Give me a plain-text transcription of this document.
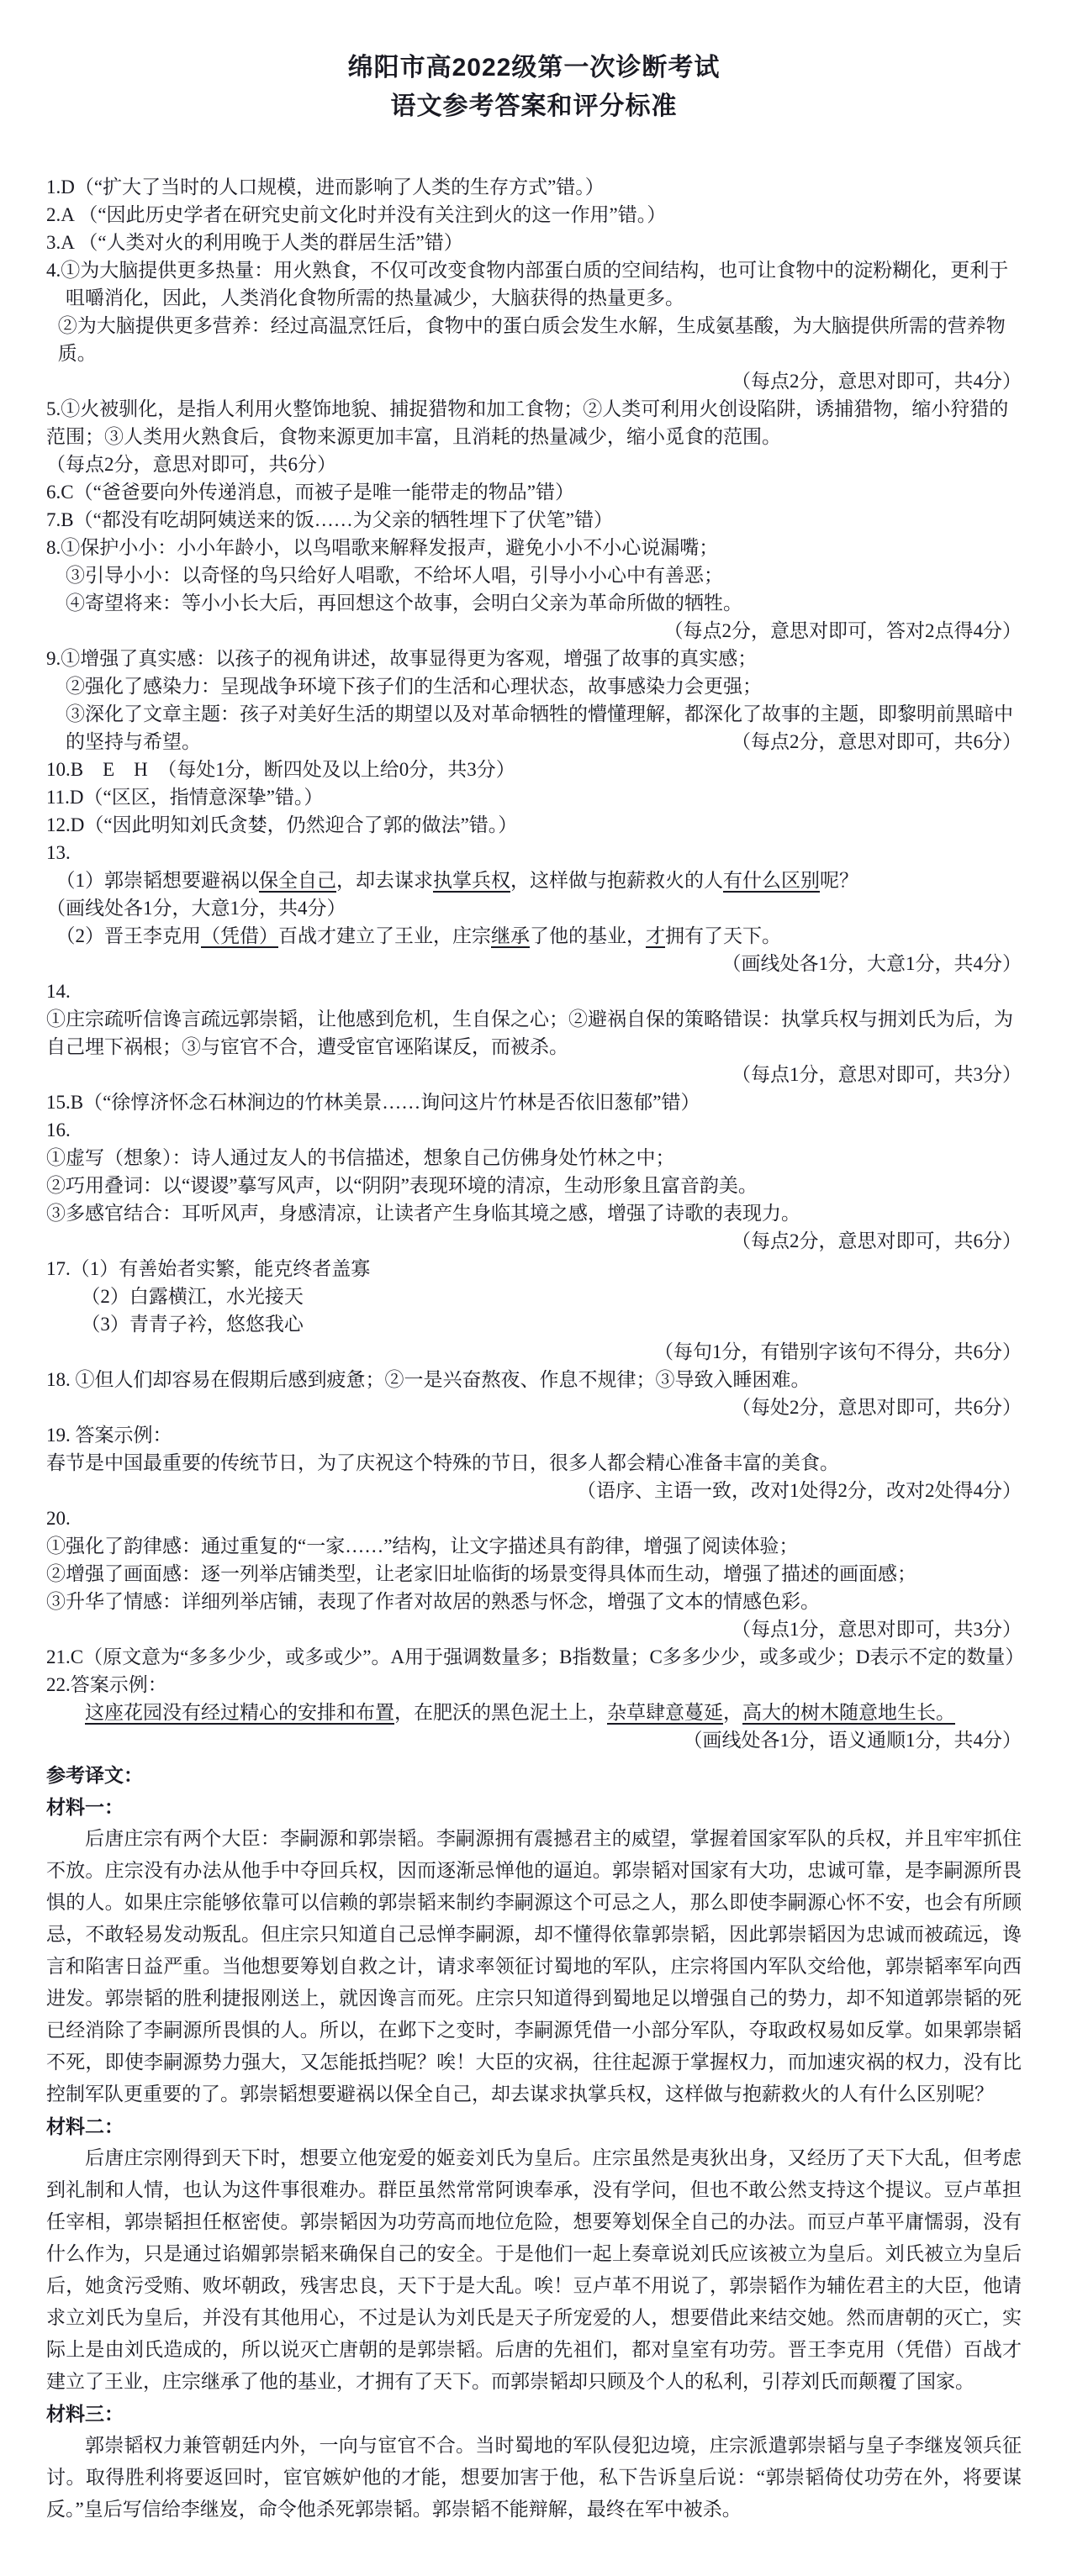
绵阳市高2022级第一次诊断考试
语文参考答案和评分标准

1.D（“扩大了当时的人口规模，进而影响了人类的生存方式”错。）

2.A （“因此历史学者在研究史前文化时并没有关注到火的这一作用”错。）

3.A （“人类对火的利用晚于人类的群居生活”错）

4.①为大脑提供更多热量：用火熟食，不仅可改变食物内部蛋白质的空间结构，也可让食物中的淀粉糊化，更利于咀嚼消化，因此，人类消化食物所需的热量减少，大脑获得的热量更多。

②为大脑提供更多营养：经过高温烹饪后，食物中的蛋白质会发生水解，生成氨基酸，为大脑提供所需的营养物质。

（每点2分，意思对即可，共4分）

5.①火被驯化，是指人利用火整饰地貌、捕捉猎物和加工食物；②人类可利用火创设陷阱，诱捕猎物，缩小狩猎的范围；③人类用火熟食后，食物来源更加丰富，且消耗的热量减少，缩小觅食的范围。

（每点2分，意思对即可，共6分）

6.C（“爸爸要向外传递消息，而被子是唯一能带走的物品”错）

7.B（“都没有吃胡阿姨送来的饭……为父亲的牺牲埋下了伏笔”错）

8.①保护小小：小小年龄小，以鸟唱歌来解释发报声，避免小小不小心说漏嘴；

③引导小小：以奇怪的鸟只给好人唱歌，不给坏人唱，引导小小心中有善恶；

④寄望将来：等小小长大后，再回想这个故事，会明白父亲为革命所做的牺牲。

（每点2分，意思对即可，答对2点得4分）

9.①增强了真实感：以孩子的视角讲述，故事显得更为客观，增强了故事的真实感；

②强化了感染力：呈现战争环境下孩子们的生活和心理状态，故事感染力会更强；

③深化了文章主题：孩子对美好生活的期望以及对革命牺牲的懵懂理解，都深化了故事的主题，即黎明前黑暗中的坚持与希望。	（每点2分，意思对即可，共6分）

10.B　E　H　（每处1分，断四处及以上给0分，共3分）

11.D（“区区，指情意深挚”错。）

12.D（“因此明知刘氏贪婪，仍然迎合了郭的做法”错。）

13.

（1）郭崇韬想要避祸以保全自己，却去谋求执掌兵权，这样做与抱薪救火的人有什么区别呢？

（画线处各1分，大意1分，共4分）

（2）晋王李克用（凭借）百战才建立了王业，庄宗继承了他的基业，才拥有了天下。

（画线处各1分，大意1分，共4分）

14.

①庄宗疏听信谗言疏远郭崇韬，让他感到危机，生自保之心；②避祸自保的策略错误：执掌兵权与拥刘氏为后，为自己埋下祸根；③与宦官不合，遭受宦官诬陷谋反，而被杀。

（每点1分，意思对即可，共3分）

15.B（“徐惇济怀念石林涧边的竹林美景……询问这片竹林是否依旧葱郁”错）

16.

①虚写（想象）：诗人通过友人的书信描述，想象自己仿佛身处竹林之中；

②巧用叠词：以“谡谡”摹写风声，以“阴阴”表现环境的清凉，生动形象且富音韵美。

③多感官结合：耳听风声，身感清凉，让读者产生身临其境之感，增强了诗歌的表现力。

（每点2分，意思对即可，共6分）

17.（1）有善始者实繁，能克终者盖寡

（2）白露横江，水光接天

（3）青青子衿，悠悠我心

（每句1分，有错别字该句不得分，共6分）

18. ①但人们却容易在假期后感到疲惫；②一是兴奋熬夜、作息不规律；③导致入睡困难。

（每处2分，意思对即可，共6分）

19. 答案示例：

春节是中国最重要的传统节日，为了庆祝这个特殊的节日，很多人都会精心准备丰富的美食。

（语序、主语一致，改对1处得2分，改对2处得4分）

20.

①强化了韵律感：通过重复的“一家……”结构，让文字描述具有韵律，增强了阅读体验；

②增强了画面感：逐一列举店铺类型，让老家旧址临街的场景变得具体而生动，增强了描述的画面感；

③升华了情感：详细列举店铺，表现了作者对故居的熟悉与怀念，增强了文本的情感色彩。

（每点1分，意思对即可，共3分）

21.C（原文意为“多多少少，或多或少”。A用于强调数量多；B指数量；C多多少少，或多或少；D表示不定的数量）

22.答案示例：

这座花园没有经过精心的安排和布置，在肥沃的黑色泥土上，杂草肆意蔓延，高大的树木随意地生长。

（画线处各1分，语义通顺1分，共4分）

参考译文：

材料一：

后唐庄宗有两个大臣：李嗣源和郭崇韬。李嗣源拥有震撼君主的威望，掌握着国家军队的兵权，并且牢牢抓住不放。庄宗没有办法从他手中夺回兵权，因而逐渐忌惮他的逼迫。郭崇韬对国家有大功，忠诚可靠，是李嗣源所畏惧的人。如果庄宗能够依靠可以信赖的郭崇韬来制约李嗣源这个可忌之人，那么即使李嗣源心怀不安，也会有所顾忌，不敢轻易发动叛乱。但庄宗只知道自己忌惮李嗣源，却不懂得依靠郭崇韬，因此郭崇韬因为忠诚而被疏远，谗言和陷害日益严重。当他想要筹划自救之计，请求率领征讨蜀地的军队，庄宗将国内军队交给他，郭崇韬率军向西进发。郭崇韬的胜利捷报刚送上，就因谗言而死。庄宗只知道得到蜀地足以增强自己的势力，却不知道郭崇韬的死已经消除了李嗣源所畏惧的人。所以，在邺下之变时，李嗣源凭借一小部分军队，夺取政权易如反掌。如果郭崇韬不死，即使李嗣源势力强大，又怎能抵挡呢？唉！大臣的灾祸，往往起源于掌握权力，而加速灾祸的权力，没有比控制军队更重要的了。郭崇韬想要避祸以保全自己，却去谋求执掌兵权，这样做与抱薪救火的人有什么区别呢？

材料二：

后唐庄宗刚得到天下时，想要立他宠爱的姬妾刘氏为皇后。庄宗虽然是夷狄出身，又经历了天下大乱，但考虑到礼制和人情，也认为这件事很难办。群臣虽然常常阿谀奉承，没有学问，但也不敢公然支持这个提议。豆卢革担任宰相，郭崇韬担任枢密使。郭崇韬因为功劳高而地位危险，想要筹划保全自己的办法。而豆卢革平庸懦弱，没有什么作为，只是通过谄媚郭崇韬来确保自己的安全。于是他们一起上奏章说刘氏应该被立为皇后。刘氏被立为皇后后，她贪污受贿、败坏朝政，残害忠良，天下于是大乱。唉！豆卢革不用说了，郭崇韬作为辅佐君主的大臣，他请求立刘氏为皇后，并没有其他用心，不过是认为刘氏是天子所宠爱的人，想要借此来结交她。然而唐朝的灭亡，实际上是由刘氏造成的，所以说灭亡唐朝的是郭崇韬。后唐的先祖们，都对皇室有功劳。晋王李克用（凭借）百战才建立了王业，庄宗继承了他的基业，才拥有了天下。而郭崇韬却只顾及个人的私利，引荐刘氏而颠覆了国家。

材料三：

郭崇韬权力兼管朝廷内外，一向与宦官不合。当时蜀地的军队侵犯边境，庄宗派遣郭崇韬与皇子李继岌领兵征讨。取得胜利将要返回时，宦官嫉妒他的才能，想要加害于他，私下告诉皇后说：“郭崇韬倚仗功劳在外，将要谋反。”皇后写信给李继岌，命令他杀死郭崇韬。郭崇韬不能辩解，最终在军中被杀。
